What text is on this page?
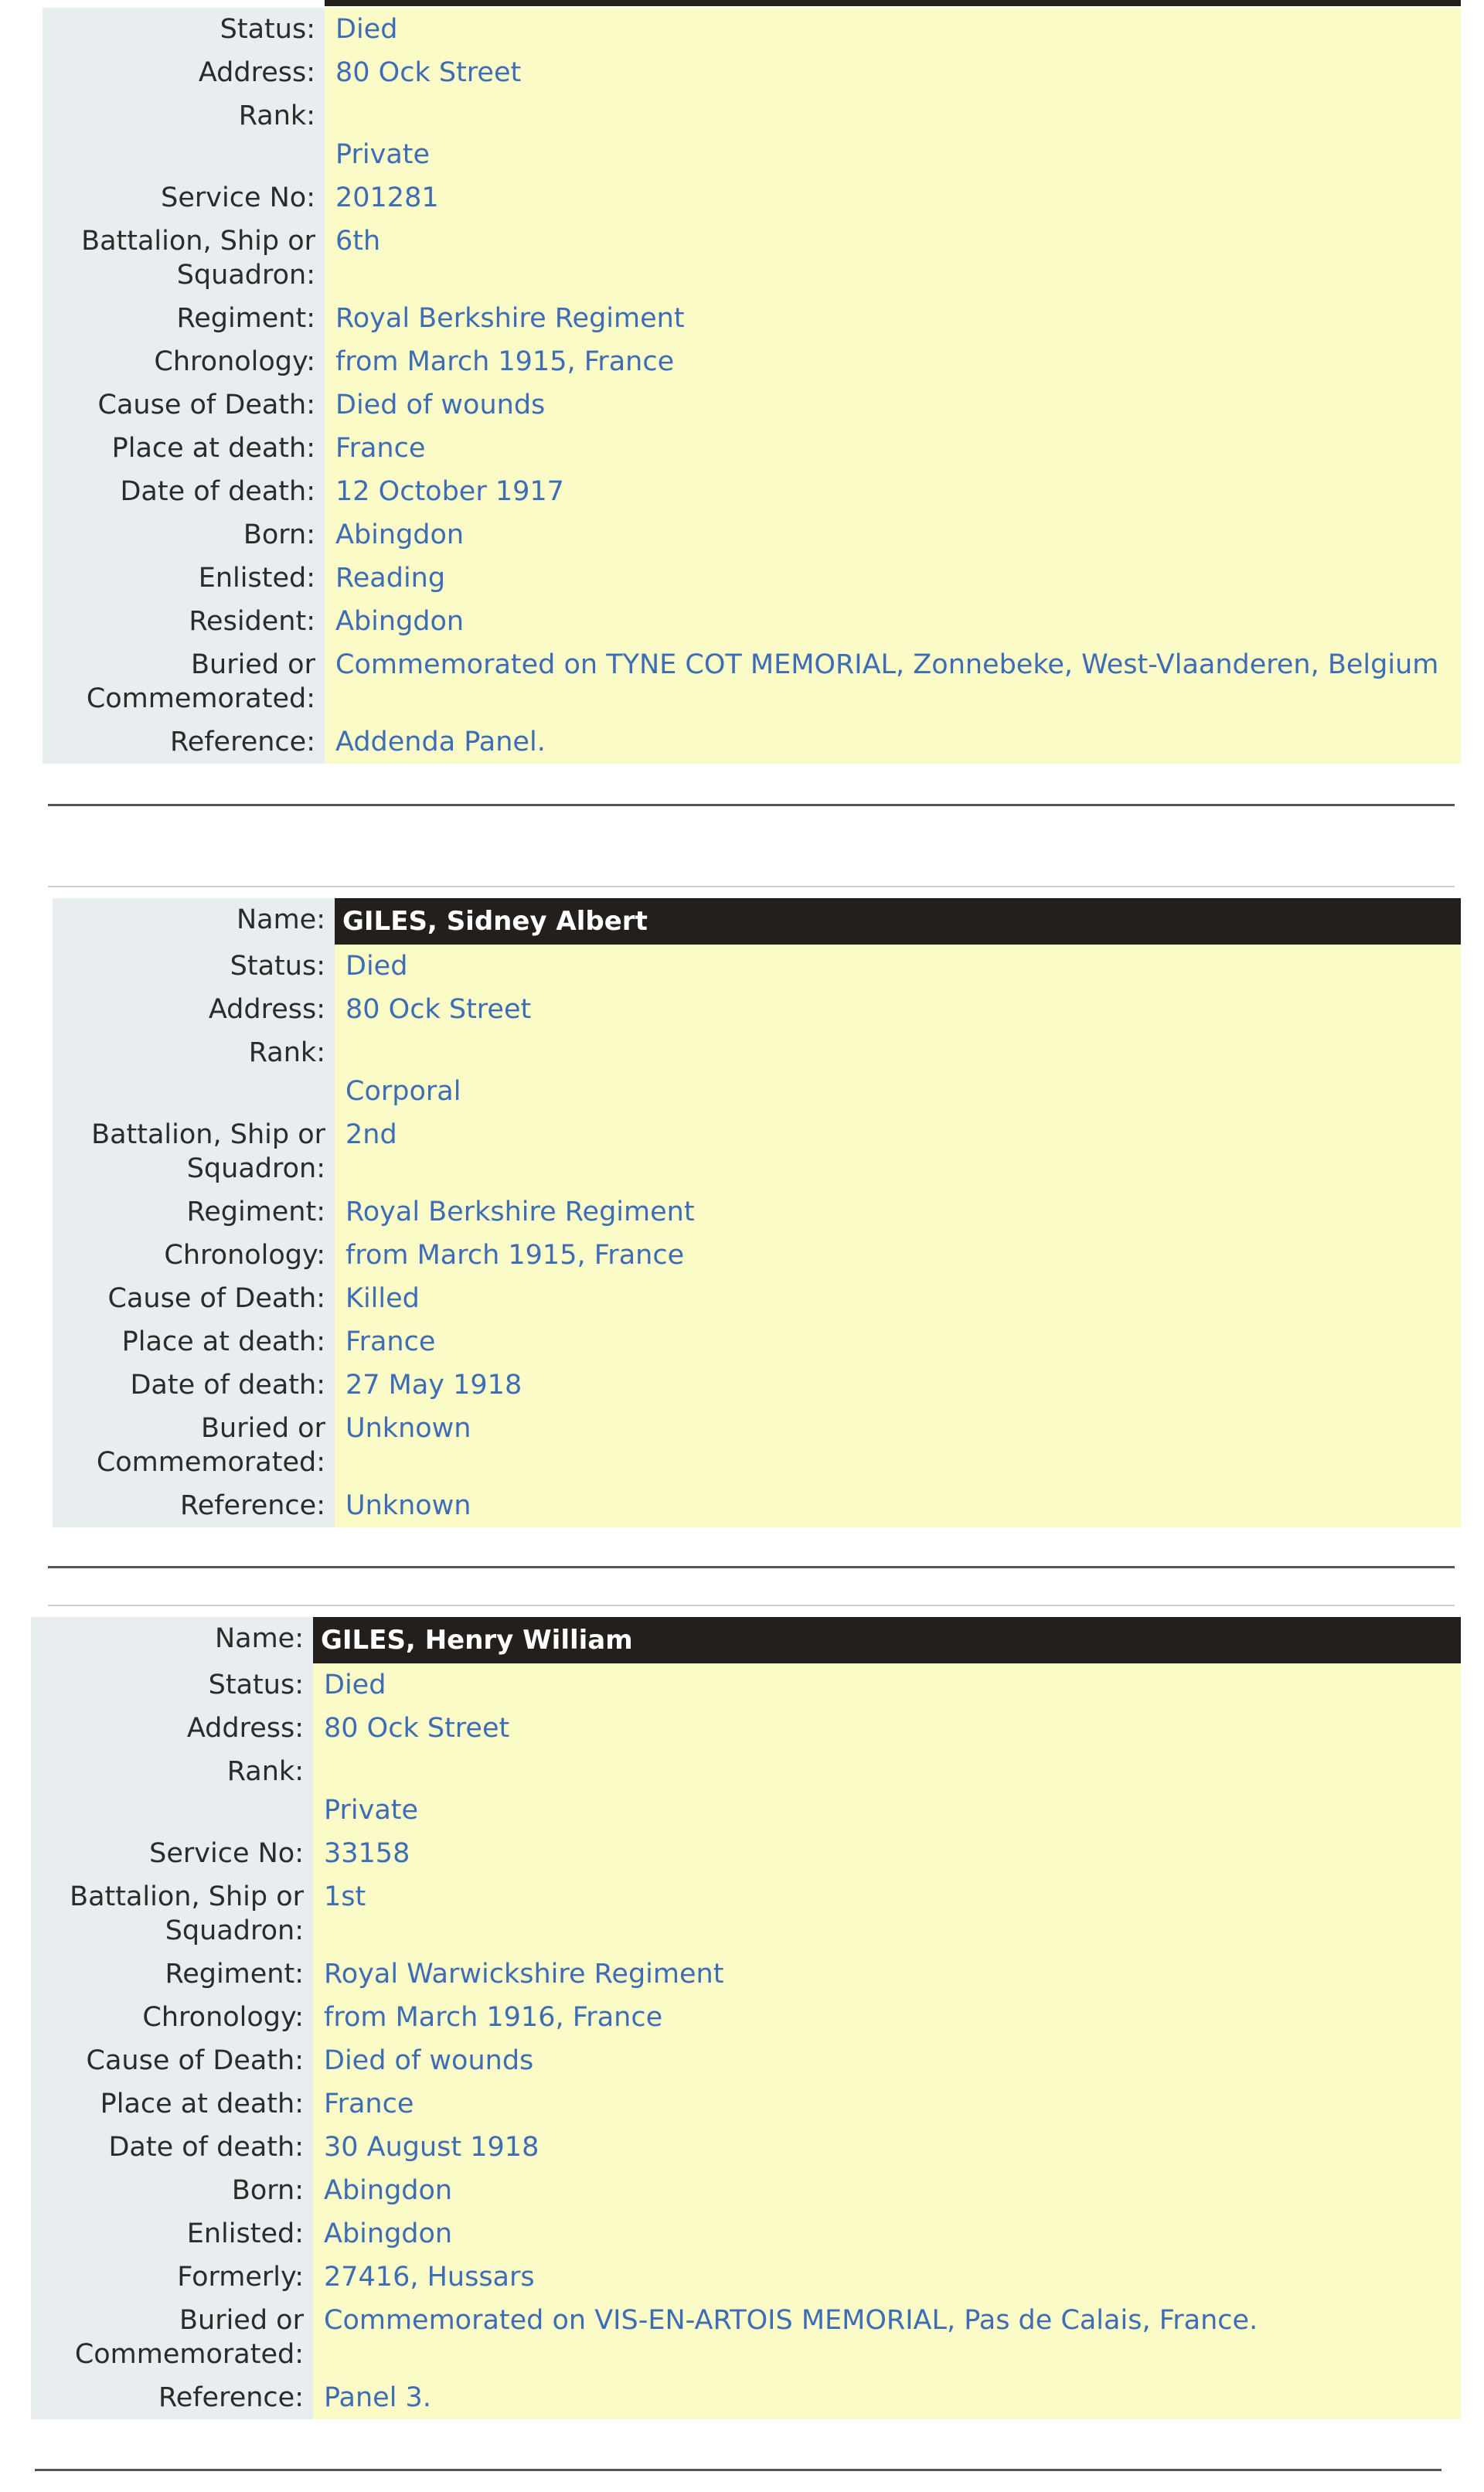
Status: Died
Address: 80 Ock Street
Rank:
Private
Service No: 201281
Battalion, Ship or
Squadron:
6th
Regiment: Royal Berkshire Regiment
Chronology: from March 1915, France
Cause of Death: Died of wounds
Place at death: France
Date of death: 12 October 1917
Born: Abingdon
Enlisted: Reading
Resident: Abingdon
Buried or
Commemorated:
Commemorated on TYNE COT MEMORIAL, Zonnebeke, West-Vlaanderen, Belgium
Reference: Addenda Panel.
Name: GILES, Sidney Albert
Status: Died
Address: 80 Ock Street
Rank:
Corporal
Battalion, Ship or
Squadron:
2nd
Regiment: Royal Berkshire Regiment
Chronology: from March 1915, France
Cause of Death: Killed
Place at death: France
Date of death: 27 May 1918
Buried or
Commemorated:
Unknown
Reference: Unknown
Name: GILES, Henry William
Status: Died
Address: 80 Ock Street
Rank:
Private
Service No: 33158
Battalion, Ship or
Squadron:
1st
Regiment: Royal Warwickshire Regiment
Chronology: from March 1916, France
Cause of Death: Died of wounds
Place at death: France
Date of death: 30 August 1918
Born: Abingdon
Enlisted: Abingdon
Formerly: 27416, Hussars
Buried or
Commemorated:
Commemorated on VIS-EN-ARTOIS MEMORIAL, Pas de Calais, France.
Reference: Panel 3.
